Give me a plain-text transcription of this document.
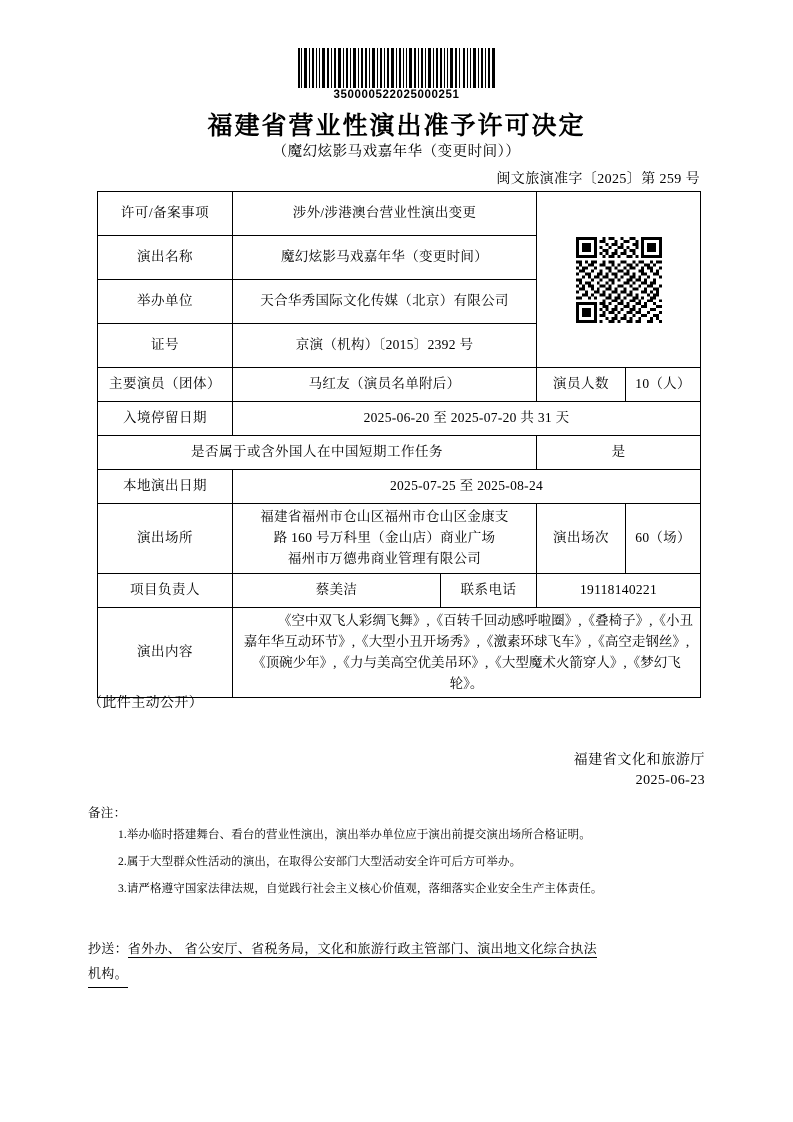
350000522025000251
福建省营业性演出准予许可决定
（魔幻炫影马戏嘉年华（变更时间））
闽文旅演准字〔2025〕第 259 号
许可/备案事项	涉外/涉港澳台营业性演出变更	

演出名称	魔幻炫影马戏嘉年华（变更时间）			
举办单位	天合华秀国际文化传媒（北京）有限公司			
证号	京演（机构）〔2015〕2392 号			
主要演员（团体）	马红友（演员名单附后）		演员人数	10（人）
入境停留日期	2025-06-20 至 2025-07-20 共 31 天			
是否属于或含外国人在中国短期工作任务			是	
本地演出日期	2025-07-25 至 2025-08-24			
演出场所	福建省福州市仓山区福州市仓山区金康支
路 160 号万科里（金山店）商业广场
福州市万德弗商业管理有限公司		演出场次	60（场）
项目负责人	蔡美洁	联系电话	19118140221	
演出内容	《空中双飞人彩绸飞舞》,《百转千回动感呼啦圈》,《叠椅子》,《小丑嘉年华互动环节》,《大型小丑开场秀》,《激素环球飞车》,《高空走钢丝》,《顶碗少年》,《力与美高空优美吊环》,《大型魔术火箭穿人》,《梦幻飞轮》。			
（此件主动公开）
福建省文化和旅游厅
2025-06-23
备注：
1.举办临时搭建舞台、看台的营业性演出，演出举办单位应于演出前提交演出场所合格证明。
2.属于大型群众性活动的演出，在取得公安部门大型活动安全许可后方可举办。
3.请严格遵守国家法律法规，自觉践行社会主义核心价值观，落细落实企业安全生产主体责任。
抄送：省外办、 省公安厅、省税务局，文化和旅游行政主管部门、演出地文化综合执法
机构。
